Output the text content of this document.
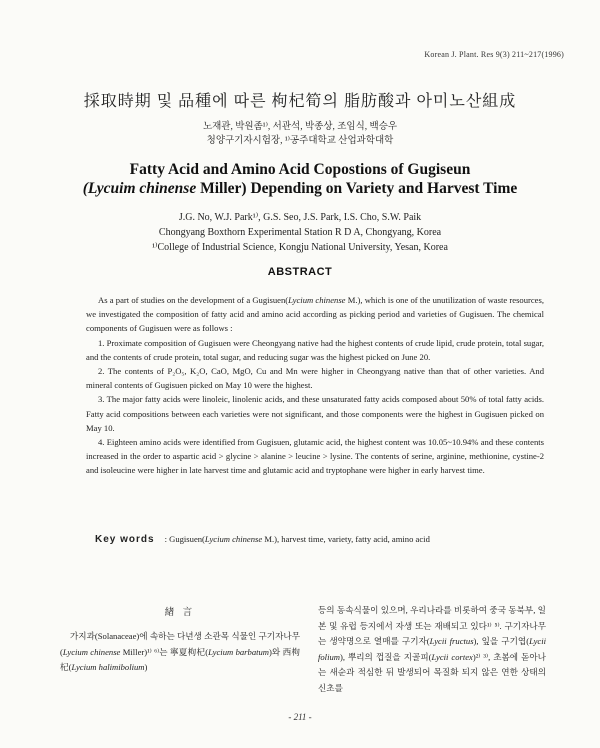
Korean J. Plant. Res 9(3) 211~217(1996)
採取時期 및 品種에 따른 枸杞筍의 脂肪酸과 아미노산組成
노재관, 박원좀¹⁾, 서관석, 박종상, 조임식, 백승우
청양구기자시험장, ¹⁾공주대학교 산업과학대학
Fatty Acid and Amino Acid Copostions of Gugiseun
(Lycuim chinense Miller) Depending on Variety and Harvest Time
J.G. No, W.J. Park¹⁾, G.S. Seo, J.S. Park, I.S. Cho, S.W. Paik
Chongyang Boxthorn Experimental Station R D A, Chongyang, Korea
¹⁾College of Industrial Science, Kongju National University, Yesan, Korea
ABSTRACT

As a part of studies on the development of a Gugisuen(Lycium chinense M.), which is one of the unutilization of waste resources, we investigated the composition of fatty acid and amino acid according as picking period and varieties of Gugisuen. The chemical components of Gugisuen were as follows :

1. Proximate composition of Gugisuen were Cheongyang native had the highest contents of crude lipid, crude protein, total sugar, and the contents of crude protein, total sugar, and reducing sugar was the highest picked on June 20.

2. The contents of P₂O₅, K₂O, CaO, MgO, Cu and Mn were higher in Cheongyang native than that of other varieties. And mineral contents of Gugisuen picked on May 10 were the highest.

3. The major fatty acids were linoleic, linolenic acids, and these unsaturated fatty acids composed about 50% of total fatty acids. Fatty acid compositions between each varieties were not significant, and those components were the highest in Gugisuen picked on May 10.

4. Eighteen amino acids were identified from Gugisuen, glutamic acid, the highest content was 10.05~10.94% and these contents increased in the order to aspartic acid > glycine > alanine > leucine > lysine. The contents of serine, arginine, methionine, cystine-2 and isoleucine were higher in late harvest time and glutamic acid and tryptophane were higher in early harvest time.

Key words : Gugisuen(Lycium chinense M.), harvest time, variety, fatty acid, amino acid
緖 言

가지과(Solanaceae)에 속하는 다년생 소관목 식물인 구기자나무(Lycium chinense Miller)¹⁾ ⁶⁾는 寧夏枸杞(Lycium barbatum)와 西枸杞(Lycium halimibolium)

등의 동속식물이 있으며, 우리나라를 비롯하여 중국 동북부, 일본 및 유럽 등지에서 자생 또는 재배되고 있다¹⁾ ⁵⁾. 구기자나무는 생약명으로 열매를 구기자(Lycii fructus), 잎을 구기엽(Lycii folium), 뿌리의 껍질을 지골피(Lycii cortex)²⁾ ³⁾, 초봄에 돋아나는 새순과 적심한 뒤 발생되어 목질화 되지 않은 연한 상태의 신초를

- 211 -
